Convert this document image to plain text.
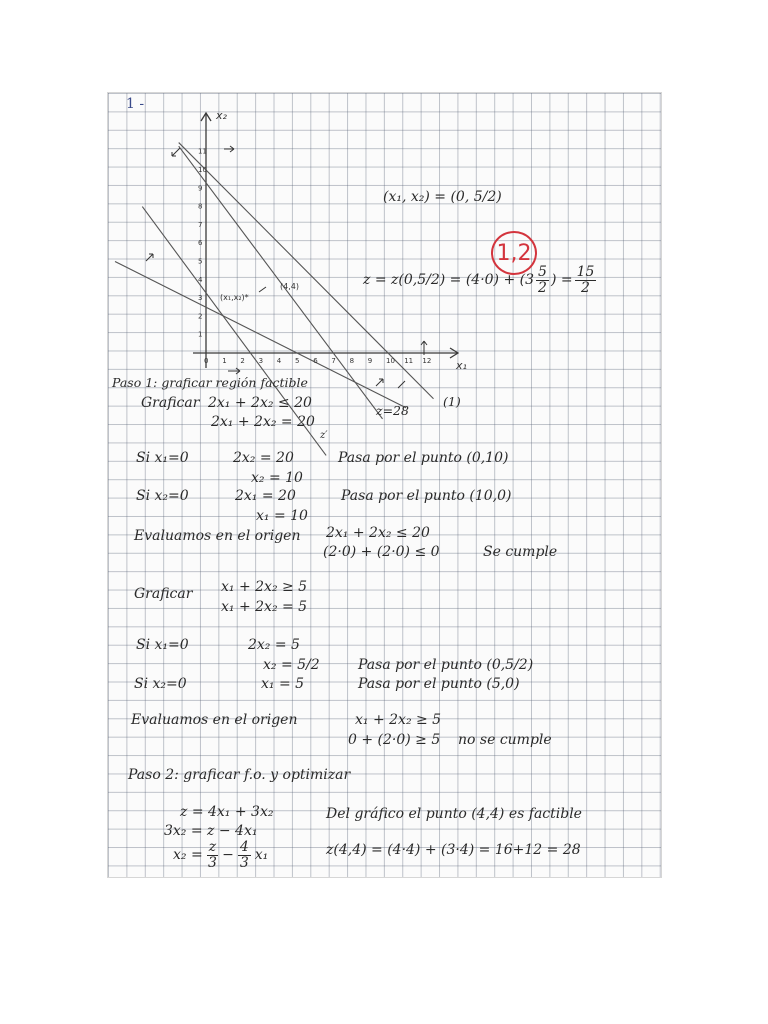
0 1 2 3 4 5 6 7 8 9 10 11 12
1
2
3
4
5
6
7
8
9
10
11
x₂
x₁
(x₁,x₂)*
(4,4)
1 -
(x₁, x₂) = (0, 5/2)
1,2
$z = z(0,5/2) = (4\cdot 0) + (3 \frac{5}{2}$ ) = $\frac{15}{2}$
(1)
z=28
z′
Paso 1: graficar región factible
Graficar 2x₁ + 2x₂ ≤ 20
2x₁ + 2x₂ = 20
Si x₁=0	2x₂ = 20
x₂ = 10
Pasa por el punto (0,10)
Si x₂=0	2x₁ = 20
x₁ = 10
Pasa por el punto (10,0)
Evaluamos en el origen 2x₁ + 2x₂ ≤ 20
(2·0) + (2·0) ≤ 0	Se cumple
Graficar x₁ + 2x₂ ≥ 5
x₁ + 2x₂ = 5
Si x₁=0	2x₂ = 5
x₂ = 5/2	Pasa por el punto (0,5/2)
Si x₂=0	x₁ = 5	Pasa por el punto (5,0)
Evaluamos en el origen	x₁ + 2x₂ ≥ 5
0 + (2·0) ≥ 5 no se cumple
Paso 2: graficar f.o. y optimizar
z = 4x₁ + 3x₂
3x₂ = z − 4x₁
$x_2 = \frac{z}{3} - \frac{4}{3} x_1$
Del gráfico el punto (4,4) es factible
z(4,4) = (4·4) + (3·4) = 16+12 = 28
